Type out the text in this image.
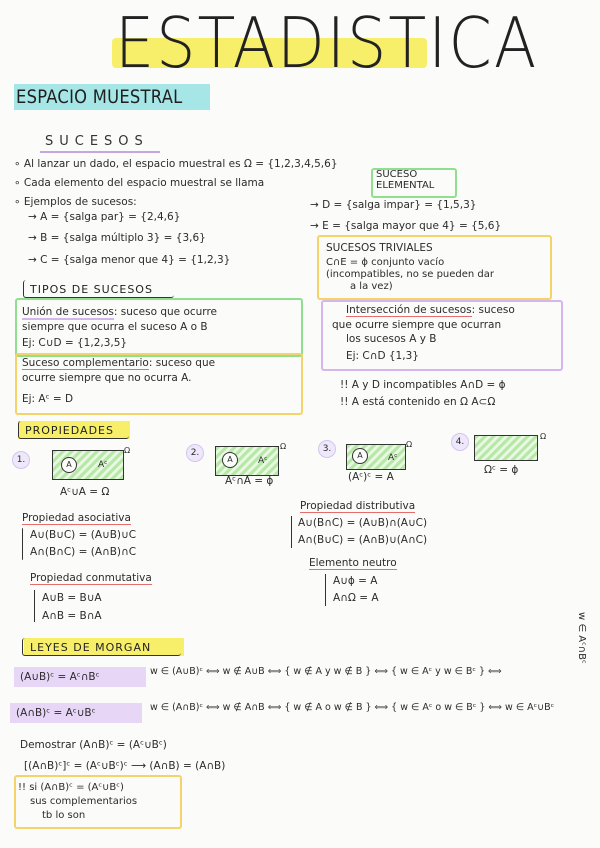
ESTADISTICA
ESPACIO MUESTRAL
SUCESOS
∘ Al lanzar un dado, el espacio muestral es Ω = {1,2,3,4,5,6}
∘ Cada elemento del espacio muestral se llama
SUCESO
ELEMENTAL
∘ Ejemplos de sucesos:
→ A = {salga par} = {2,4,6}
→ B = {salga múltiplo 3} = {3,6}
→ C = {salga menor que 4} = {1,2,3}
→ D = {salga impar} = {1,5,3}
→ E = {salga mayor que 4} = {5,6}
SUCESOS TRIVIALES
C∩E = ϕ conjunto vacío
(incompatibles, no se pueden dar
a la vez)
TIPOS DE SUCESOS
Unión de sucesos: suceso que ocurre
siempre que ocurra el suceso A o B
Ej: C∪D = {1,2,3,5}
Intersección de sucesos: suceso
que ocurre siempre que ocurran
los sucesos A y B
Ej: C∩D {1,3}
Suceso complementario: suceso que
ocurre siempre que no ocurra A.
Ej: Aᶜ = D
!! A y D incompatibles A∩D = ϕ
!! A está contenido en Ω A⊂Ω
PROPIEDADES
1.	A	Aᶜ
Ω
Aᶜ∪A = Ω
2.
A	Aᶜ
Ω
Aᶜ∩A = ϕ
3.
A	Aᶜ
Ω
(Aᶜ)ᶜ = A
4.
Ω
Ωᶜ = ϕ
Propiedad asociativa
A∪(B∪C) = (A∪B)∪C
A∩(B∩C) = (A∩B)∩C
Propiedad distributiva
A∪(B∩C) = (A∪B)∩(A∪C)
A∩(B∪C) = (A∩B)∪(A∩C)
Propiedad conmutativa
A∪B = B∪A
A∩B = B∩A
Elemento neutro
A∪ϕ = A
A∩Ω = A
LEYES DE MORGAN
(A∪B)ᶜ = Aᶜ∩Bᶜ	w ∈ (A∪B)ᶜ ⟺ w ∉ A∪B ⟺ { w ∉ A y w ∉ B } ⟺ { w ∈ Aᶜ y w ∈ Bᶜ } ⟺
(A∩B)ᶜ = Aᶜ∪Bᶜ	w ∈ (A∩B)ᶜ ⟺ w ∉ A∩B ⟺ { w ∉ A o w ∉ B } ⟺ { w ∈ Aᶜ o w ∈ Bᶜ } ⟺ w ∈ Aᶜ∪Bᶜ
w ∈ Aᶜ∩Bᶜ
Demostrar (A∩B)ᶜ = (Aᶜ∪Bᶜ)
[(A∩B)ᶜ]ᶜ = (Aᶜ∪Bᶜ)ᶜ ⟶ (A∩B) = (A∩B)
!! si (A∩B)ᶜ = (Aᶜ∪Bᶜ)
sus complementarios
tb lo son
